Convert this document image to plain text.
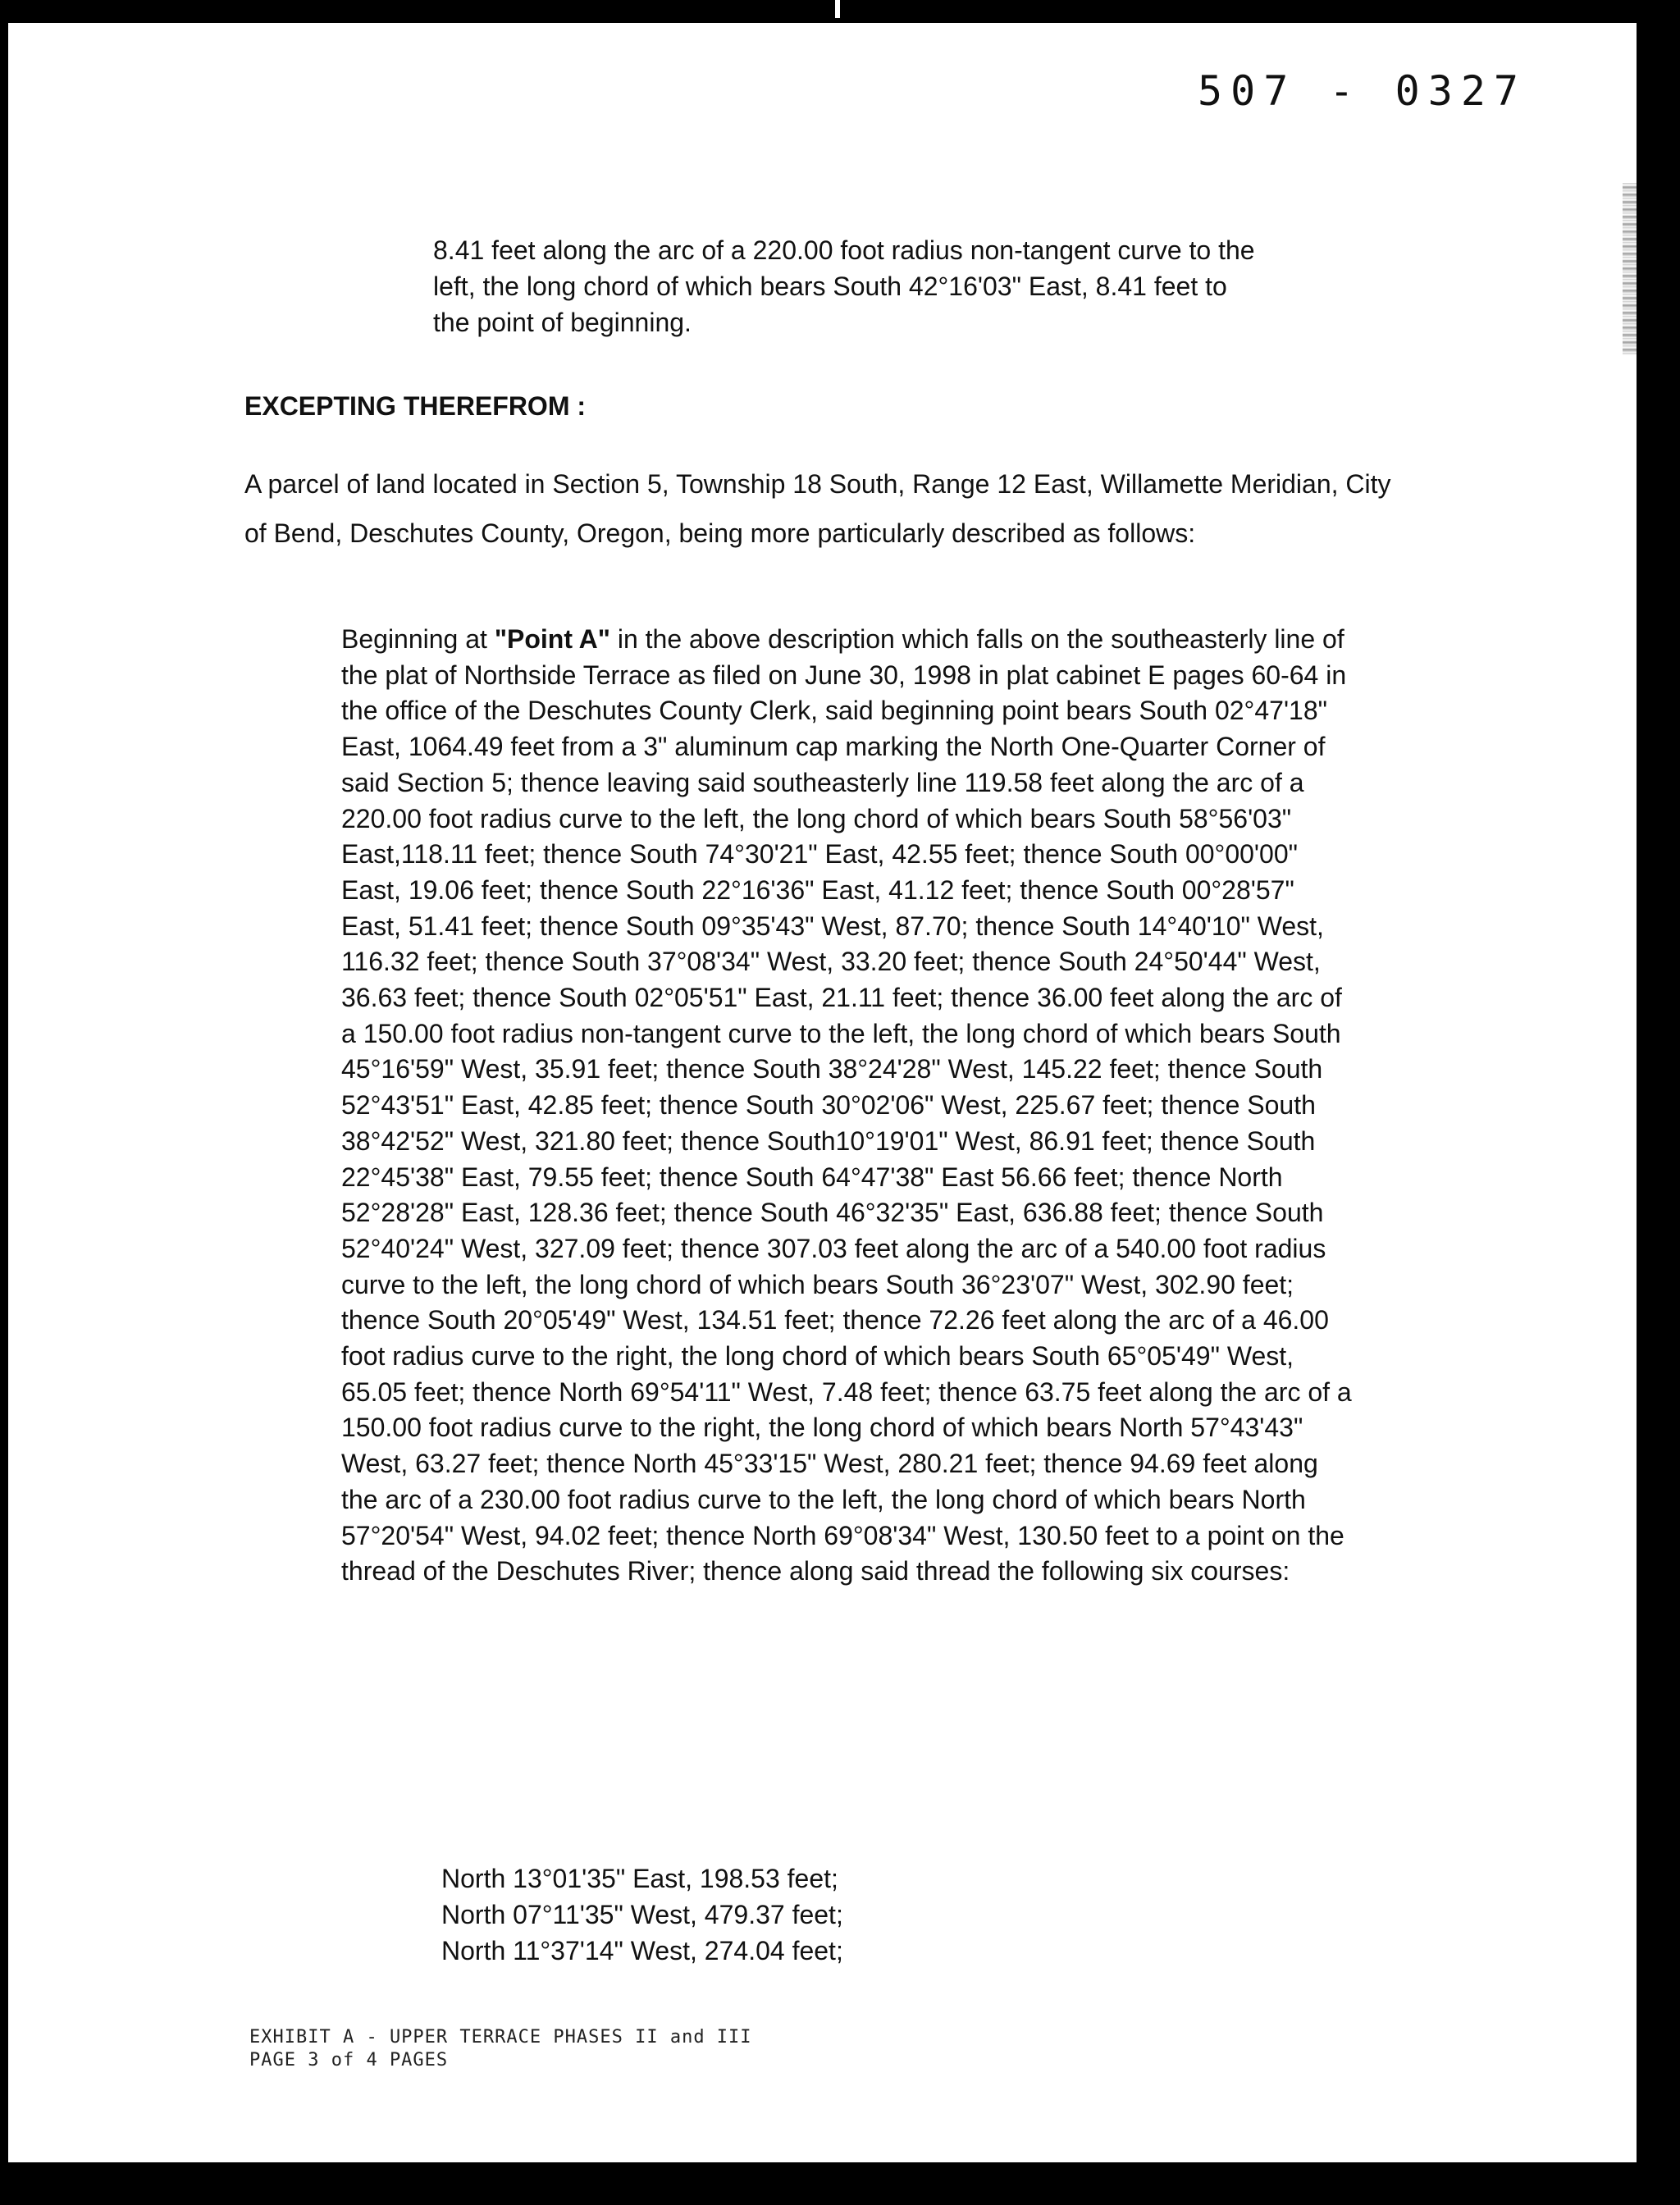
507 - 0327
8.41 feet along the arc of a 220.00 foot radius non-tangent curve to the left, the long chord of which bears South 42°16'03" East, 8.41 feet to the point of beginning.
EXCEPTING THEREFROM :
A parcel of land located in Section 5, Township 18 South, Range 12 East, Willamette Meridian, City of Bend, Deschutes County, Oregon, being more particularly described as follows:
Beginning at "Point A" in the above description which falls on the southeasterly line of the plat of Northside Terrace as filed on June 30, 1998 in plat cabinet E pages 60-64 in the office of the Deschutes County Clerk, said beginning point bears South 02°47'18" East, 1064.49 feet from a 3" aluminum cap marking the North One-Quarter Corner of said Section 5; thence leaving said southeasterly line 119.58 feet along the arc of a 220.00 foot radius curve to the left, the long chord of which bears South 58°56'03" East,118.11 feet; thence South 74°30'21" East, 42.55 feet; thence South 00°00'00" East, 19.06 feet; thence South 22°16'36" East, 41.12 feet; thence South 00°28'57" East, 51.41 feet; thence South 09°35'43" West, 87.70; thence South 14°40'10" West, 116.32 feet; thence South 37°08'34" West, 33.20 feet; thence South 24°50'44" West, 36.63 feet; thence South 02°05'51" East, 21.11 feet; thence 36.00 feet along the arc of a 150.00 foot radius non-tangent curve to the left, the long chord of which bears South 45°16'59" West, 35.91 feet; thence South 38°24'28" West, 145.22 feet; thence South 52°43'51" East, 42.85 feet; thence South 30°02'06" West, 225.67 feet; thence South 38°42'52" West, 321.80 feet; thence South10°19'01" West, 86.91 feet; thence South 22°45'38" East, 79.55 feet; thence South 64°47'38" East 56.66 feet; thence North 52°28'28" East, 128.36 feet; thence South 46°32'35" East, 636.88 feet; thence South 52°40'24" West, 327.09 feet; thence 307.03 feet along the arc of a 540.00 foot radius curve to the left, the long chord of which bears South 36°23'07" West, 302.90 feet; thence South 20°05'49" West, 134.51 feet; thence 72.26 feet along the arc of a 46.00 foot radius curve to the right, the long chord of which bears South 65°05'49" West, 65.05 feet; thence North 69°54'11" West, 7.48 feet; thence 63.75 feet along the arc of a 150.00 foot radius curve to the right, the long chord of which bears North 57°43'43" West, 63.27 feet; thence North 45°33'15" West, 280.21 feet; thence 94.69 feet along the arc of a 230.00 foot radius curve to the left, the long chord of which bears North 57°20'54" West, 94.02 feet; thence North 69°08'34" West, 130.50 feet to a point on the thread of the Deschutes River; thence along said thread the following six courses:
North 13°01'35" East, 198.53 feet;
North 07°11'35" West, 479.37 feet;
North 11°37'14" West, 274.04 feet;
EXHIBIT A - UPPER TERRACE PHASES II and III
PAGE 3 of 4 PAGES
